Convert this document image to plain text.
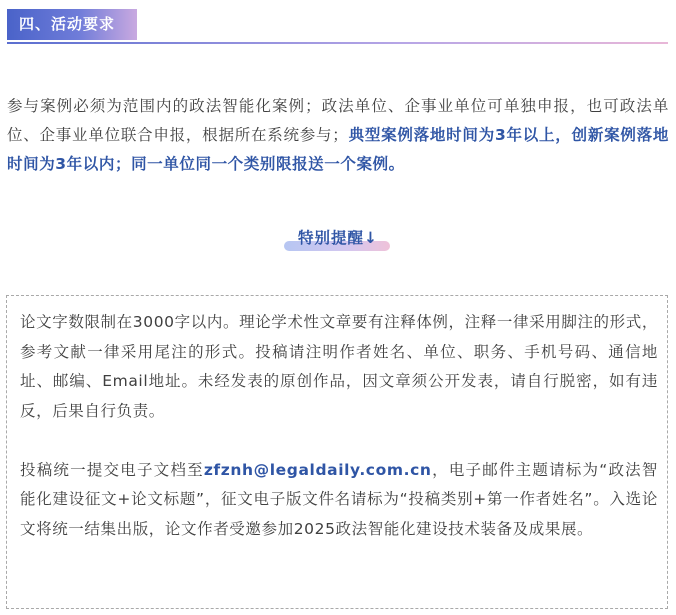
四、活动要求
参与案例必须为范围内的政法智能化案例；政法单位、企事业单位可单独申报，也可政法单位、企事业单位联合申报，根据所在系统参与；典型案例落地时间为3年以上，创新案例落地时间为3年以内；同一单位同一个类别限报送一个案例。
特别提醒↓

论文字数限制在3000字以内。理论学术性文章要有注释体例，注释一律采用脚注的形式，参考文献一律采用尾注的形式。投稿请注明作者姓名、单位、职务、手机号码、通信地址、邮编、Email地址。未经发表的原创作品，因文章须公开发表，请自行脱密，如有违反，后果自行负责。

投稿统一提交电子文档至zfznh@legaldaily.com.cn，电子邮件主题请标为“政法智能化建设征文+论文标题”，征文电子版文件名请标为“投稿类别+第一作者姓名”。入选论文将统一结集出版，论文作者受邀参加2025政法智能化建设技术装备及成果展。
